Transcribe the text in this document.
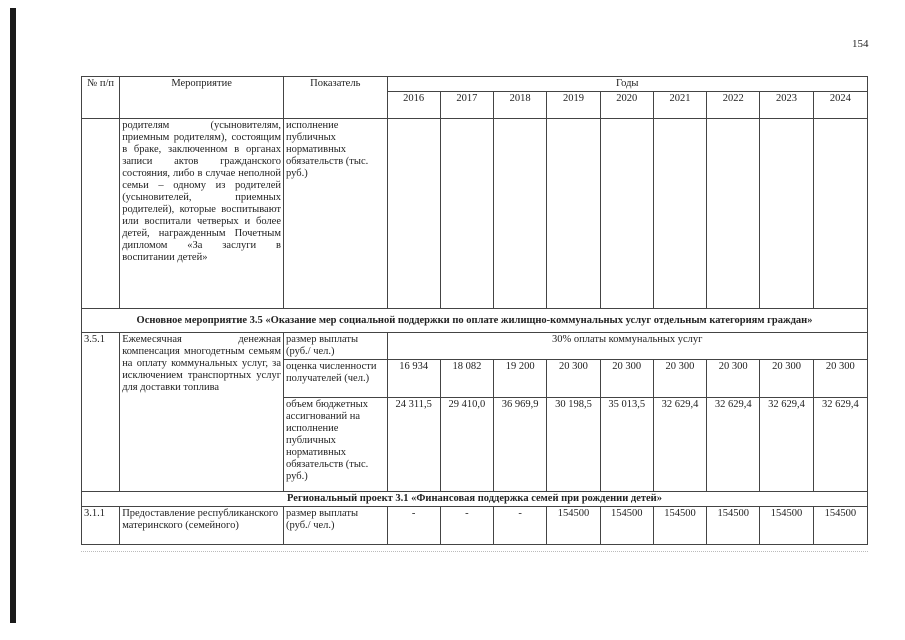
154
№ п/п	Мероприятие	Показатель	Годы								
			2016	2017	2018	2019	2020	2021	2022	2023	2024
	родителям (усыновителям, приемным родителям), состоящим в браке, заключенном в органах записи актов гражданского состояния, либо в случае неполной семьи – одному из родителей (усыновителей, приемных родителей), которые воспитывают или воспитали четверых и более детей, награжденным Почетным дипломом «За заслуги в воспитании детей»	исполнение публичных нормативных обязательств (тыс. руб.)									
Основное мероприятие 3.5 «Оказание мер социальной поддержки по оплате жилищно-коммунальных услуг отдельным категориям граждан»											
3.5.1	Ежемесячная денежная компенсация многодетным семьям на оплату коммунальных услуг, за исключением транспортных услуг для доставки топлива	размер выплаты (руб./ чел.)	30% оплаты коммунальных услуг								
		оценка численности получателей (чел.)	16 934	18 082	19 200	20 300	20 300	20 300	20 300	20 300	20 300
		объем бюджетных ассигнований на исполнение публичных нормативных обязательств (тыс. руб.)	24 311,5	29 410,0	36 969,9	30 198,5	35 013,5	32 629,4	32 629,4	32 629,4	32 629,4
Региональный проект 3.1 «Финансовая поддержка семей при рождении детей»											
3.1.1	Предоставление республиканского материнского (семейного)	размер выплаты (руб./ чел.)	-	-	-	154500	154500	154500	154500	154500	154500
